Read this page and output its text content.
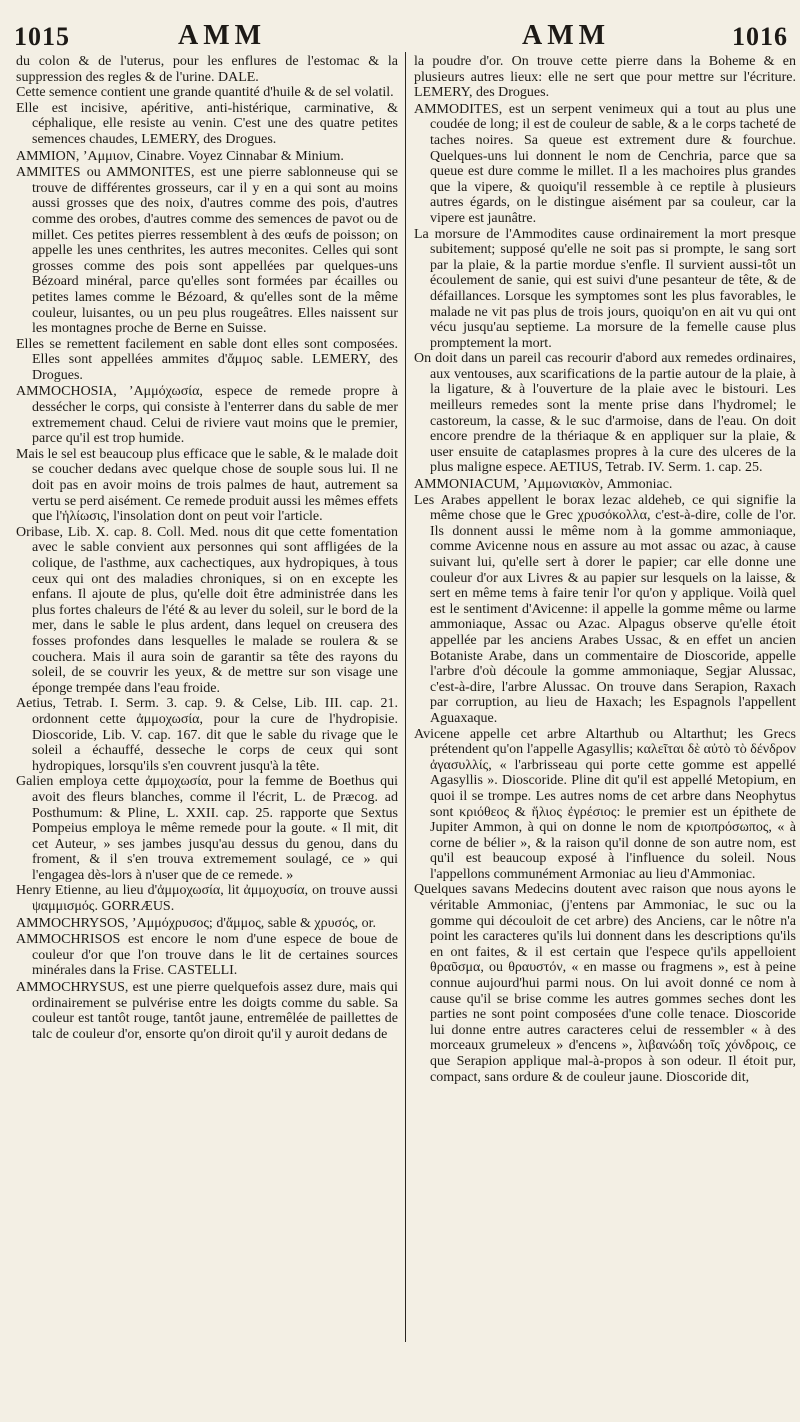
1015	AMM	AMM	1016

du colon & de l'uterus, pour les enflures de l'estomac & la suppression des regles & de l'urine. DALE.

Cette semence contient une grande quantité d'huile & de sel volatil.

Elle est incisive, apéritive, anti-histérique, carminative, & céphalique, elle resiste au venin. C'est une des quatre petites semences chaudes, LEMERY, des Drogues.

AMMION, ʼΑμμιον, Cinabre. Voyez Cinnabar & Minium.

AMMITES ou AMMONITES, est une pierre sablonneuse qui se trouve de différentes grosseurs, car il y en a qui sont au moins aussi grosses que des noix, d'autres comme des pois, d'autres comme des orobes, d'autres comme des semences de pavot ou de millet. Ces petites pierres ressemblent à des œufs de poisson; on appelle les unes centhrites, les autres meconites. Celles qui sont grosses comme des pois sont appellées par quelques-uns Bézoard minéral, parce qu'elles sont formées par écailles ou petites lames comme le Bézoard, & qu'elles sont de la même couleur, luisantes, ou un peu plus rougeâtres. Elles naissent sur les montagnes proche de Berne en Suisse.

Elles se remettent facilement en sable dont elles sont composées. Elles sont appellées ammites d'ἄμμος sable. LEMERY, des Drogues.

AMMOCHOSIA, ʼΑμμόχωσία, espece de remede propre à dessécher le corps, qui consiste à l'enterrer dans du sable de mer extremement chaud. Celui de riviere vaut moins que le premier, parce qu'il est trop humide.

Mais le sel est beaucoup plus efficace que le sable, & le malade doit se coucher dedans avec quelque chose de souple sous lui. Il ne doit pas en avoir moins de trois palmes de haut, autrement sa vertu se perd aisément. Ce remede produit aussi les mêmes effets que l'ἡλίωσις, l'insolation dont on peut voir l'article.

Oribase, Lib. X. cap. 8. Coll. Med. nous dit que cette fomentation avec le sable convient aux personnes qui sont affligées de la colique, de l'asthme, aux cachectiques, aux hydropiques, à tous ceux qui ont des maladies chroniques, si on en excepte les enfans. Il ajoute de plus, qu'elle doit être administrée dans les plus fortes chaleurs de l'été & au lever du soleil, sur le bord de la mer, dans le sable le plus ardent, dans lequel on creusera des fosses profondes dans lesquelles le malade se roulera & se couchera. Mais il aura soin de garantir sa tête des rayons du soleil, de se couvrir les yeux, & de mettre sur son visage une éponge trempée dans l'eau froide.

Aetius, Tetrab. I. Serm. 3. cap. 9. & Celse, Lib. III. cap. 21. ordonnent cette ἀμμοχωσία, pour la cure de l'hydropisie. Dioscoride, Lib. V. cap. 167. dit que le sable du rivage que le soleil a échauffé, desseche le corps de ceux qui sont hydropiques, lorsqu'ils s'en couvrent jusqu'à la tête.

Galien employa cette ἀμμοχωσία, pour la femme de Boethus qui avoit des fleurs blanches, comme il l'écrit, L. de Præcog. ad Posthumum: & Pline, L. XXII. cap. 25. rapporte que Sextus Pompeius employa le même remede pour la goute. « Il mit, dit cet Auteur, » ses jambes jusqu'au dessus du genou, dans du froment, & il s'en trouva extremement soulagé, ce » qui l'engagea dès-lors à n'user que de ce remede. »

Henry Etienne, au lieu d'ἀμμοχωσία, lit ἀμμοχυσία, on trouve aussi ψαμμισμός. GORRÆUS.

AMMOCHRYSOS, ʼΑμμόχρυσος; d'ἄμμος, sable & χρυσός, or.

AMMOCHRISOS est encore le nom d'une espece de boue de couleur d'or que l'on trouve dans le lit de certaines sources minérales dans la Frise. CASTELLI.

AMMOCHRYSUS, est une pierre quelquefois assez dure, mais qui ordinairement se pulvérise entre les doigts comme du sable. Sa couleur est tantôt rouge, tantôt jaune, entremêlée de paillettes de talc de couleur d'or, ensorte qu'on diroit qu'il y auroit dedans de

la poudre d'or. On trouve cette pierre dans la Boheme & en plusieurs autres lieux: elle ne sert que pour mettre sur l'écriture. LEMERY, des Drogues.

AMMODITES, est un serpent venimeux qui a tout au plus une coudée de long; il est de couleur de sable, & a le corps tacheté de taches noires. Sa queue est extrement dure & fourchue. Quelques-uns lui donnent le nom de Cenchria, parce que sa queue est dure comme le millet. Il a les machoires plus grandes que la vipere, & quoiqu'il ressemble à ce reptile à plusieurs autres égards, on le distingue aisément par sa couleur, car la vipere est jaunâtre.

La morsure de l'Ammodites cause ordinairement la mort presque subitement; supposé qu'elle ne soit pas si prompte, le sang sort par la plaie, & la partie mordue s'enfle. Il survient aussi-tôt un écoulement de sanie, qui est suivi d'une pesanteur de tête, & de défaillances. Lorsque les symptomes sont les plus favorables, le malade ne vit pas plus de trois jours, quoiqu'on en ait vu qui ont vécu jusqu'au septieme. La morsure de la femelle cause plus promptement la mort.

On doit dans un pareil cas recourir d'abord aux remedes ordinaires, aux ventouses, aux scarifications de la partie autour de la plaie, à la ligature, & à l'ouverture de la plaie avec le bistouri. Les meilleurs remedes sont la mente prise dans l'hydromel; le castoreum, la casse, & le suc d'armoise, dans de l'eau. On doit encore prendre de la thériaque & en appliquer sur la plaie, & user ensuite de cataplasmes propres à la cure des ulceres de la plus maligne espece. AETIUS, Tetrab. IV. Serm. 1. cap. 25.

AMMONIACUM, ʼΑμμωνιακὸν, Ammoniac.

Les Arabes appellent le borax lezac aldeheb, ce qui signifie la même chose que le Grec χρυσόκολλα, c'est-à-dire, colle de l'or. Ils donnent aussi le même nom à la gomme ammoniaque, comme Avicenne nous en assure au mot assac ou azac, à cause suivant lui, qu'elle sert à dorer le papier; car elle donne une couleur d'or aux Livres & au papier sur lesquels on la laisse, & sert en même tems à faire tenir l'or qu'on y applique. Voilà quel est le sentiment d'Avicenne: il appelle la gomme même ou larme ammoniaque, Assac ou Azac. Alpagus observe qu'elle étoit appellée par les anciens Arabes Ussac, & en effet un ancien Botaniste Arabe, dans un commentaire de Dioscoride, appelle l'arbre d'où découle la gomme ammoniaque, Segjar Alussac, c'est-à-dire, l'arbre Alussac. On trouve dans Serapion, Raxach par corruption, au lieu de Haxach; les Espagnols l'appellent Aguaxaque.

Avicene appelle cet arbre Altarthub ou Altarthut; les Grecs prétendent qu'on l'appelle Agasyllis; καλεῖται δὲ αὐτὸ τὸ δένδρον ἀγασυλλίς, « l'arbrisseau qui porte cette gomme est appellé Agasyllis ». Dioscoride. Pline dit qu'il est appellé Metopium, en quoi il se trompe. Les autres noms de cet arbre dans Neophytus sont κριόθεος & ἥλιος ἐγρέσιος: le premier est un épithete de Jupiter Ammon, à qui on donne le nom de κριοπρόσωπος, « à corne de bélier », & la raison qu'il donne de son autre nom, est qu'il est beaucoup exposé à l'influence du soleil. Nous l'appellons communément Armoniac au lieu d'Ammoniac.

Quelques savans Medecins doutent avec raison que nous ayons le véritable Ammoniac, (j'entens par Ammoniac, le suc ou la gomme qui découloit de cet arbre) des Anciens, car le nôtre n'a point les caracteres qu'ils lui donnent dans les descriptions qu'ils en ont faites, & il est certain que l'espece qu'ils appelloient θραῦσμα, ou θραυστόν, « en masse ou fragmens », est à peine connue aujourd'hui parmi nous. On lui avoit donné ce nom à cause qu'il se brise comme les autres gommes seches dont les parties ne sont point composées d'une colle tenace. Dioscoride lui donne entre autres caracteres celui de ressembler « à des morceaux grumeleux » d'encens », λιβανώδη τοῖς χόνδροις, ce que Serapion applique mal-à-propos à son odeur. Il étoit pur, compact, sans ordure & de couleur jaune. Dioscoride dit,
